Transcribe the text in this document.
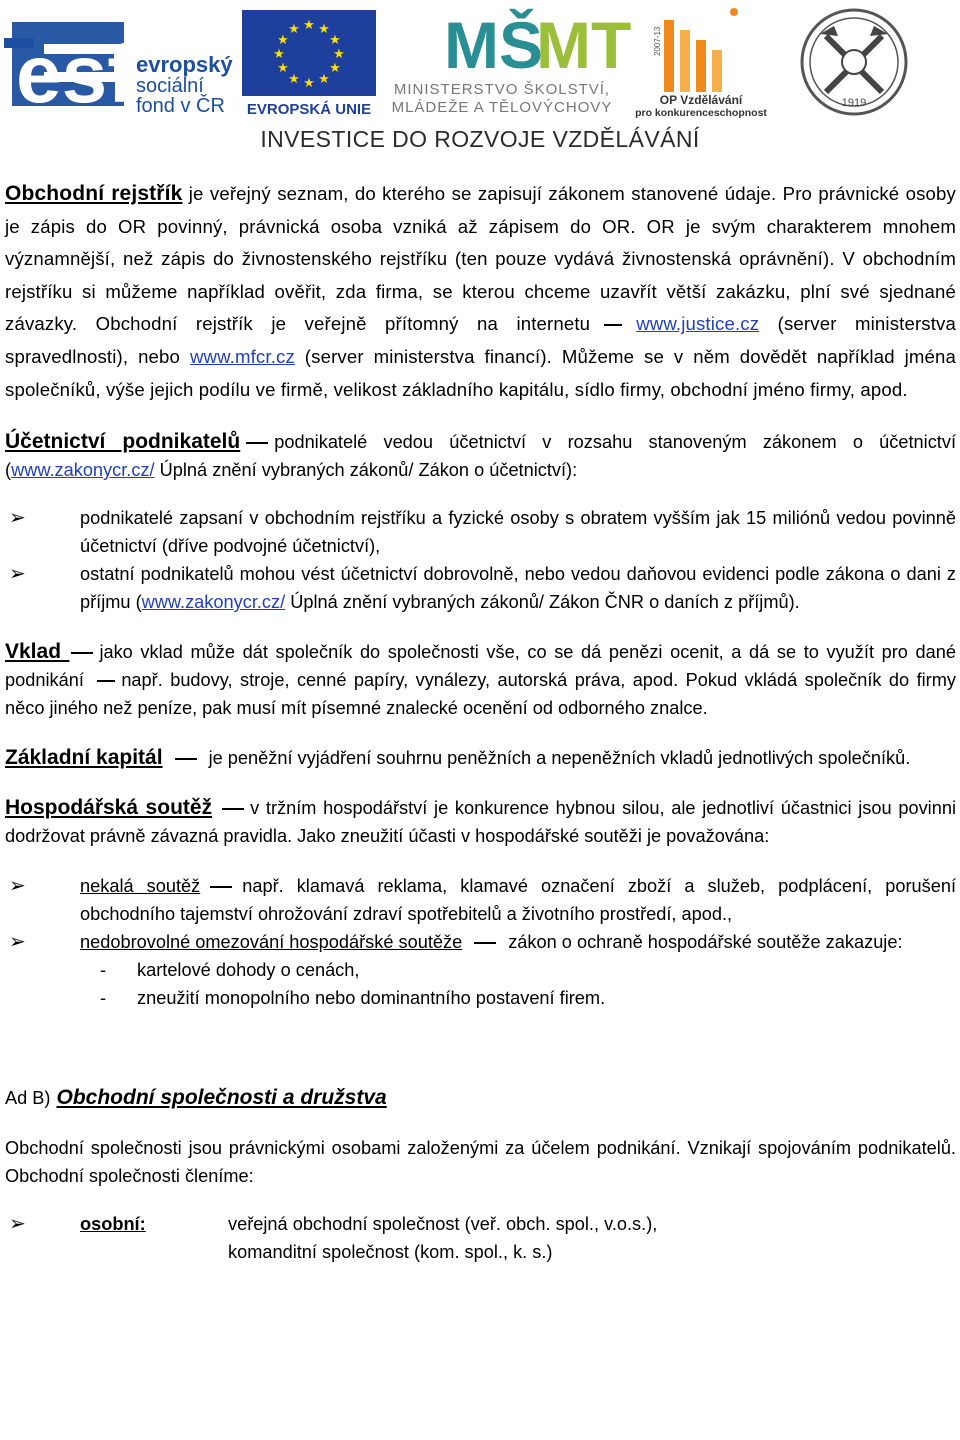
esf evropský
sociální
fond v ČR
★ ★
★
★
★
★
★
★
★
★
★
★
EVROPSKÁ UNIE
MŠ
MT
MINISTERSTVO ŠKOLSTVÍ,
MLÁDEŽE A TĚLOVÝCHOVY
2007-13
OP Vzdělávání
pro konkurenceschopnost
1919
INVESTICE DO ROZVOJE VZDĚLÁVÁNÍ

Obchodní rejstřík je veřejný seznam, do kterého se zapisují zákonem stanovené údaje. Pro právnické osoby je zápis do OR povinný, právnická osoba vzniká až zápisem do OR. OR je svým charakterem mnohem významnější, než zápis do živnostenského rejstříku (ten pouze vydává živnostenská oprávnění). V obchodním rejstříku si můžeme například ověřit, zda firma, se kterou chceme uzavřít větší zakázku, plní své sjednané závazky. Obchodní rejstřík je veřejně přítomný na internetu www.justice.cz (server ministerstva spravedlnosti), nebo www.mfcr.cz (server ministerstva financí). Můžeme se v něm dovědět například jména společníků, výše jejich podílu ve firmě, velikost základního kapitálu, sídlo firmy, obchodní jméno firmy, apod.

Účetnictví podnikatelů podnikatelé vedou účetnictví v rozsahu stanoveným zákonem o účetnictví (www.zakonycr.cz/ Úplná znění vybraných zákonů/ Zákon o účetnictví):

➢	podnikatelé zapsaní v obchodním rejstříku a fyzické osoby s obratem vyšším jak 15 miliónů vedou povinně účetnictví (dříve podvojné účetnictví),
➢	ostatní podnikatelů mohou vést účetnictví dobrovolně, nebo vedou daňovou evidenci podle zákona o dani z příjmu (www.zakonycr.cz/ Úplná znění vybraných zákonů/ Zákon ČNR o daních z příjmů).

Vklad jako vklad může dát společník do společnosti vše, co se dá penězi ocenit, a dá se to využít pro dané podnikání např. budovy, stroje, cenné papíry, vynálezy, autorská práva, apod. Pokud vkládá společník do firmy něco jiného než peníze, pak musí mít písemné znalecké ocenění od odborného znalce.

Základní kapitál	je peněžní vyjádření souhrnu peněžních a nepeněžních vkladů jednotlivých společníků.

Hospodářská soutěž v tržním hospodářství je konkurence hybnou silou, ale jednotliví účastnici jsou povinni dodržovat právně závazná pravidla. Jako zneužití účasti v hospodářské soutěži je považována:

➢	nekalá soutěž např. klamavá reklama, klamavé označení zboží a služeb, podplácení, porušení obchodního tajemství ohrožování zdraví spotřebitelů a životního prostředí, apod.,
➢	nedobrovolné omezování hospodářské soutěže	zákon o ochraně hospodářské soutěže zakazuje:
- kartelové dohody o cenách,
- zneužití monopolního nebo dominantního postavení firem.

Ad B) Obchodní společnosti a družstva

Obchodní společnosti jsou právnickými osobami založenými za účelem podnikání. Vznikají spojováním podnikatelů. Obchodní společnosti členíme:

➢	osobní:	veřejná obchodní společnost (veř. obch. spol., v.o.s.),
komanditní společnost (kom. spol., k. s.)
